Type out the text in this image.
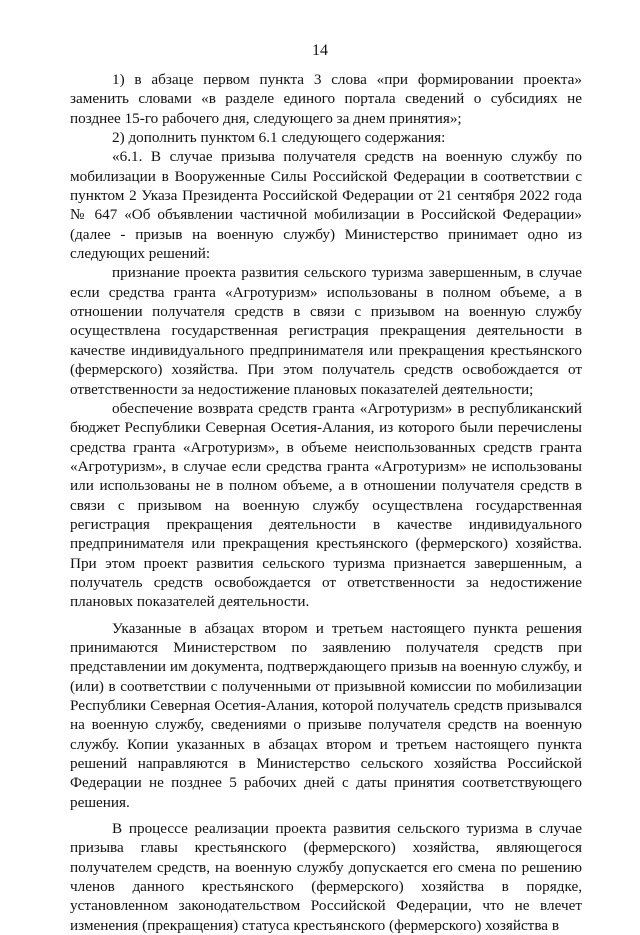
14

1) в абзаце первом пункта 3 слова «при формировании проекта» заменить словами «в разделе единого портала сведений о субсидиях не позднее 15-го рабочего дня, следующего за днем принятия»;

2) дополнить пунктом 6.1 следующего содержания:

«6.1. В случае призыва получателя средств на военную службу по мобилизации в Вооруженные Силы Российской Федерации в соответствии с пунктом 2 Указа Президента Российской Федерации от 21 сентября 2022 года № 647 «Об объявлении частичной мобилизации в Российской Федерации» (далее - призыв на военную службу) Министерство принимает одно из следующих решений:

признание проекта развития сельского туризма завершенным, в случае если средства гранта «Агротуризм» использованы в полном объеме, а в отношении получателя средств в связи с призывом на военную службу осуществлена государственная регистрация прекращения деятельности в качестве индивидуального предпринимателя или прекращения крестьянского (фермерского) хозяйства. При этом получатель средств освобождается от ответственности за недостижение плановых показателей деятельности;

обеспечение возврата средств гранта «Агротуризм» в республиканский бюджет Республики Северная Осетия-Алания, из которого были перечислены средства гранта «Агротуризм», в объеме неиспользованных средств гранта «Агротуризм», в случае если средства гранта «Агротуризм» не использованы или использованы не в полном объеме, а в отношении получателя средств в связи с призывом на военную службу осуществлена государственная регистрация прекращения деятельности в качестве индивидуального предпринимателя или прекращения крестьянского (фермерского) хозяйства. При этом проект развития сельского туризма признается завершенным, а получатель средств освобождается от ответственности за недостижение плановых показателей деятельности.

Указанные в абзацах втором и третьем настоящего пункта решения принимаются Министерством по заявлению получателя средств при представлении им документа, подтверждающего призыв на военную службу, и (или) в соответствии с полученными от призывной комиссии по мобилизации Республики Северная Осетия-Алания, которой получатель средств призывался на военную службу, сведениями о призыве получателя средств на военную службу. Копии указанных в абзацах втором и третьем настоящего пункта решений направляются в Министерство сельского хозяйства Российской Федерации не позднее 5 рабочих дней с даты принятия соответствующего решения.

В процессе реализации проекта развития сельского туризма в случае призыва главы крестьянского (фермерского) хозяйства, являющегося получателем средств, на военную службу допускается его смена по решению членов данного крестьянского (фермерского) хозяйства в порядке, установленном законодательством Российской Федерации, что не влечет изменения (прекращения) статуса крестьянского (фермерского) хозяйства в
